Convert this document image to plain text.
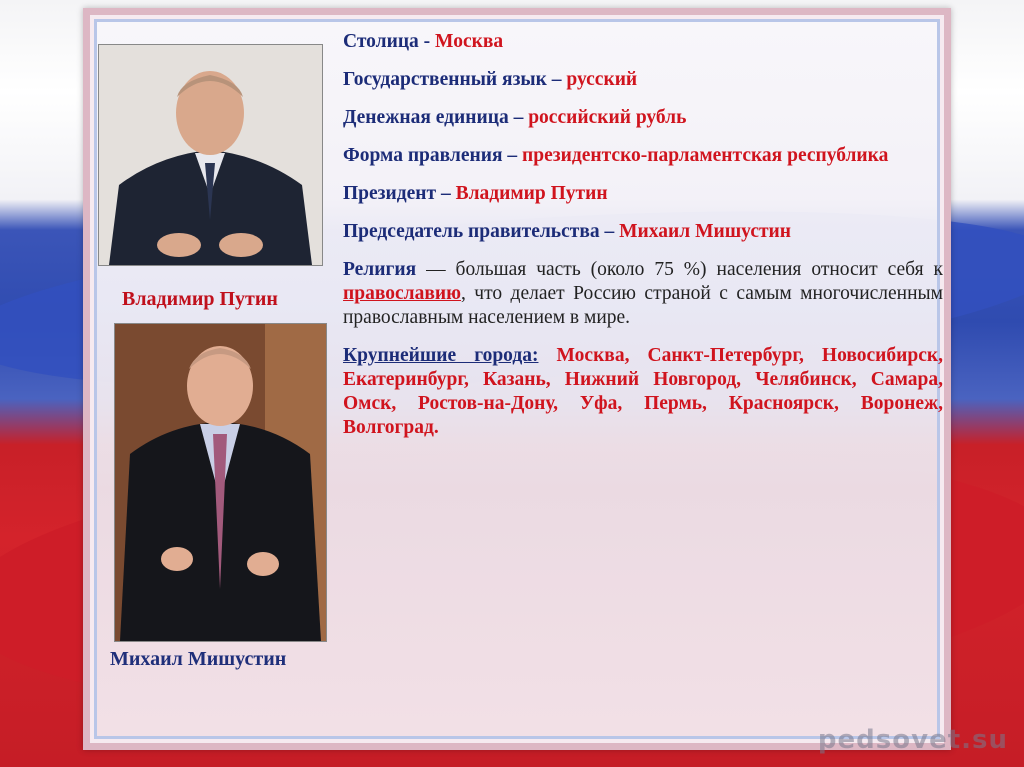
Владимир Путин
Михаил Мишустин

Столица - Москва

Государственный язык – русский

Денежная единица – российский рубль

Форма правления – президентско-парламентская республика

Президент – Владимир Путин

Председатель правительства – Михаил Мишустин

Религия — большая часть (около 75 %) населения относит себя к православию, что делает Россию страной с самым многочисленным православным населением в мире.

Крупнейшие города: Москва, Санкт-Петербург, Новосибирск, Екатеринбург, Казань, Нижний Новгород, Челябинск, Самара, Омск, Ростов-на-Дону, Уфа, Пермь, Красноярск, Воронеж, Волгоград.

pedsovet.su
